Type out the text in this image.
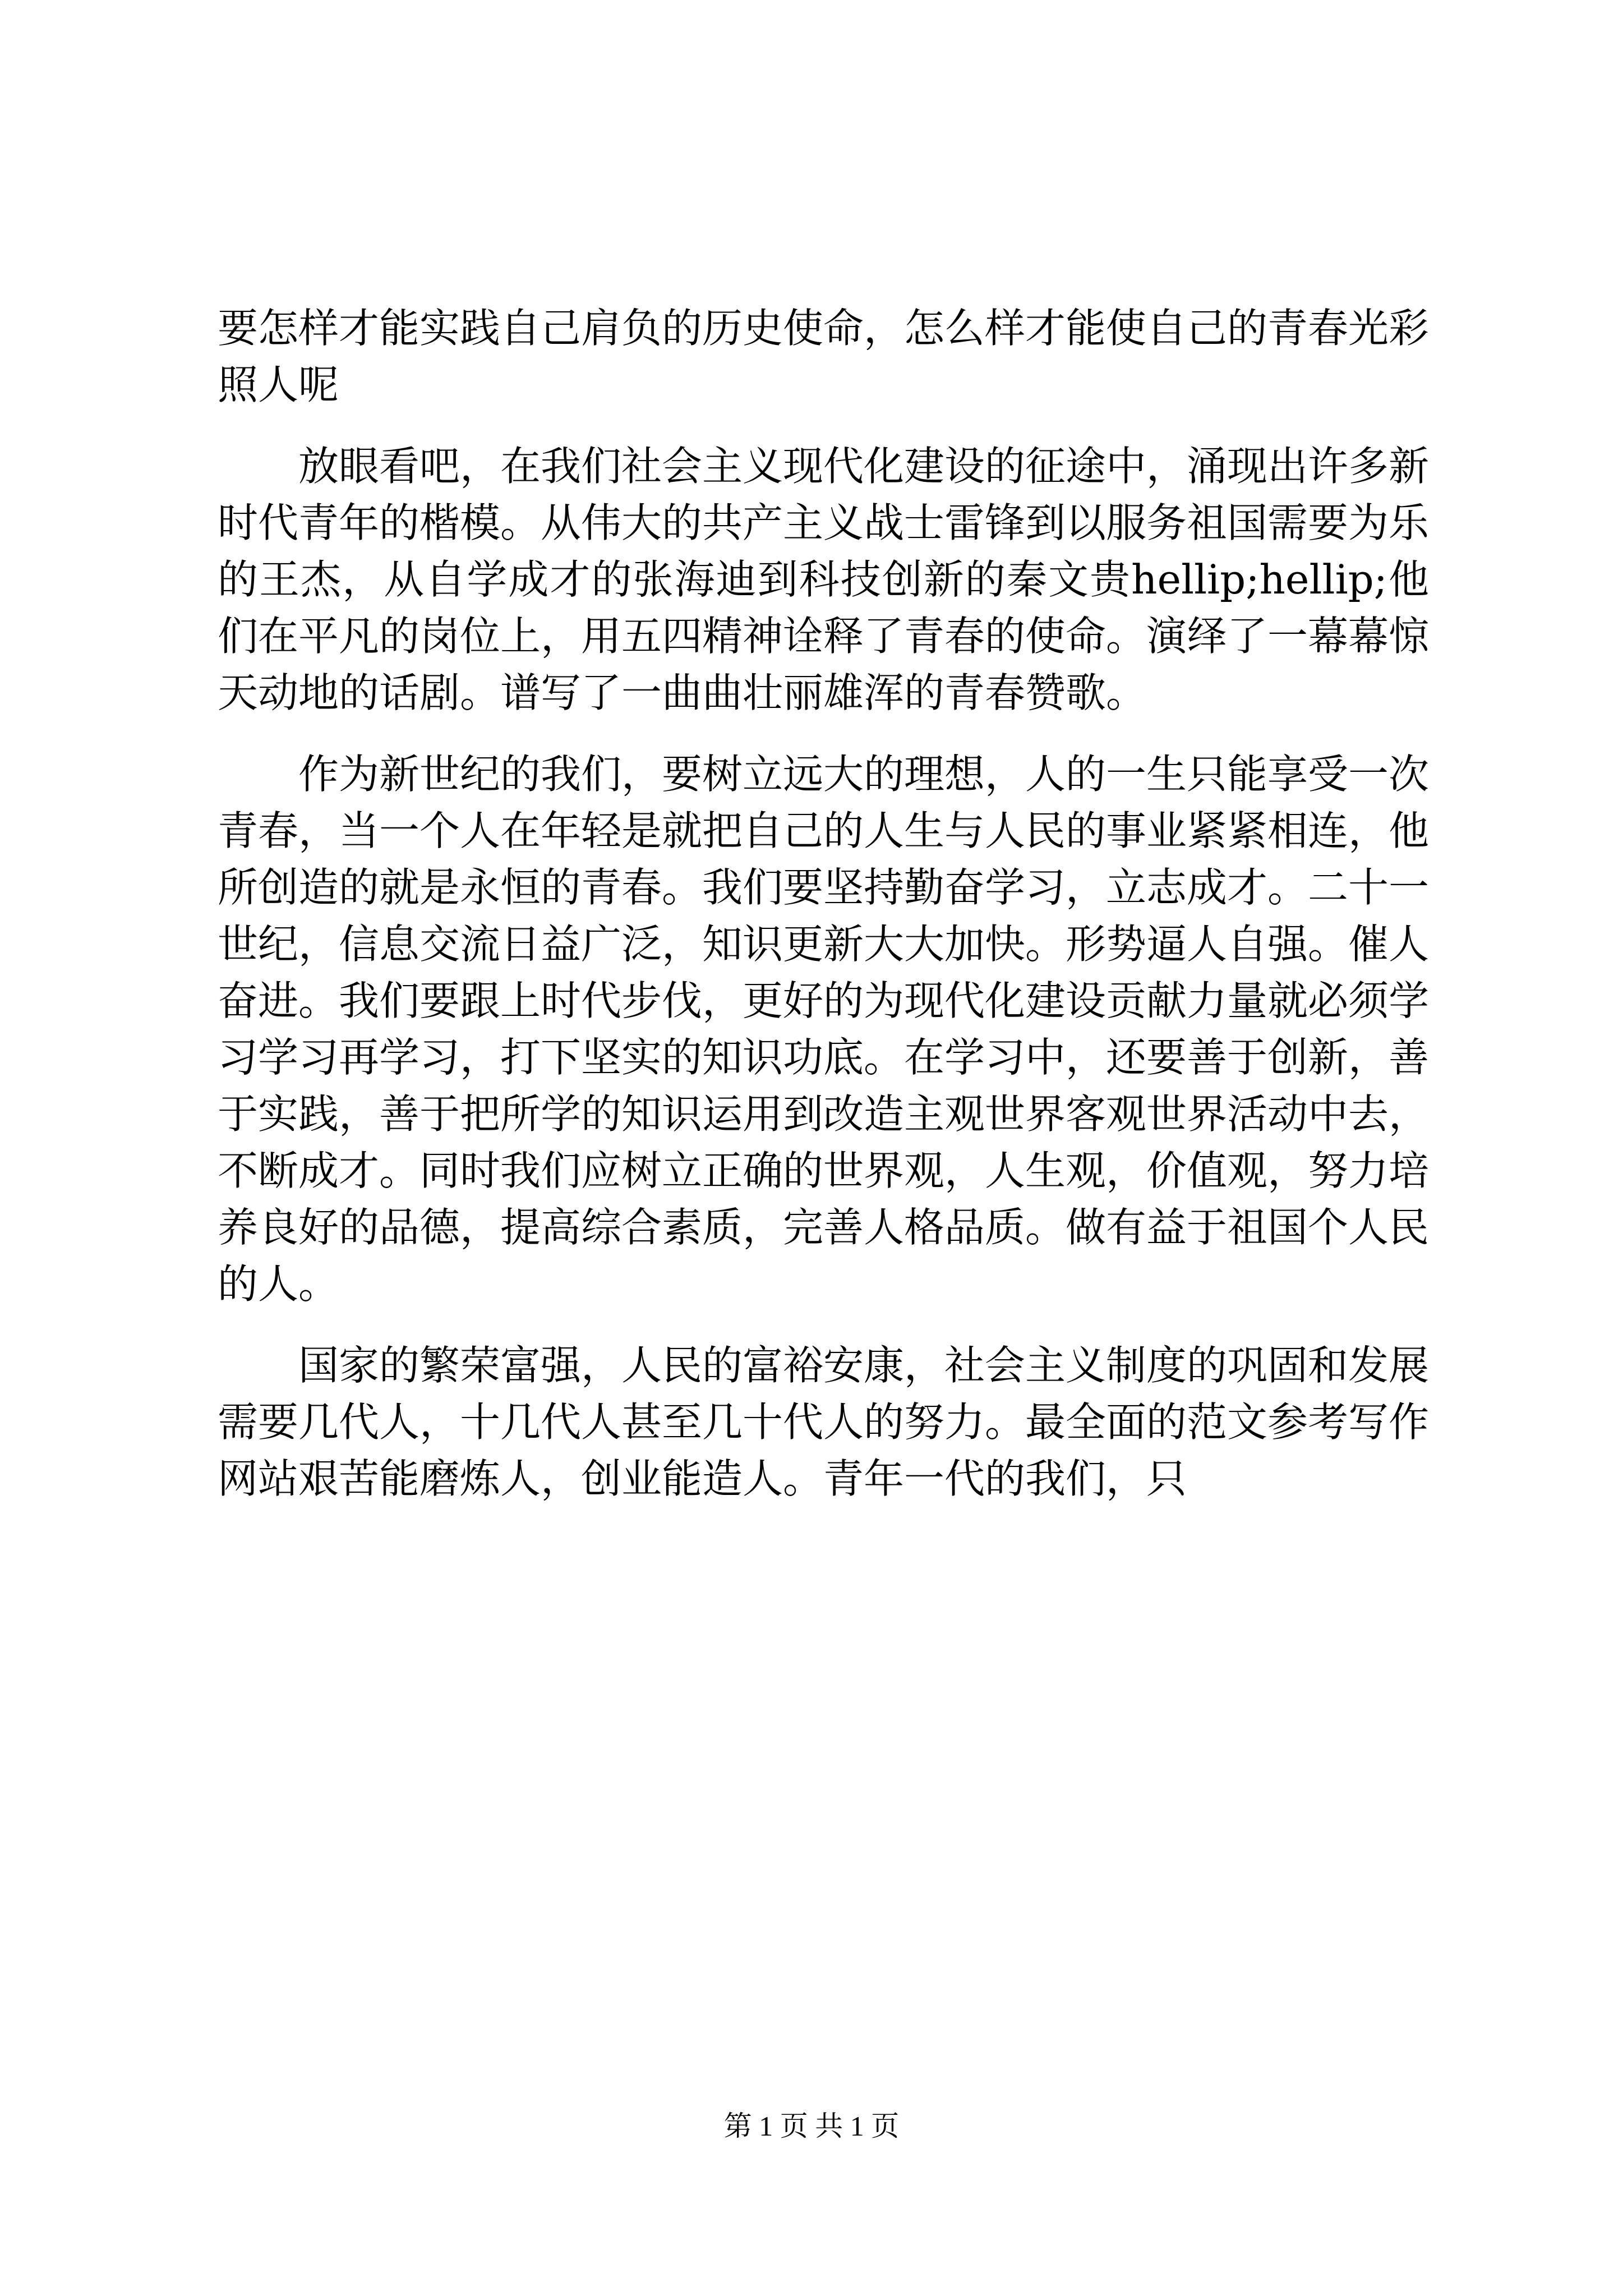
要怎样才能实践自己肩负的历史使命，怎么样才能使自己的青春光彩照人呢

放眼看吧，在我们社会主义现代化建设的征途中，涌现出许多新时代青年的楷模。从伟大的共产主义战士雷锋到以服务祖国需要为乐的王杰，从自学成才的张海迪到科技创新的秦文贵hellip;hellip;他们在平凡的岗位上，用五四精神诠释了青春的使命。演绎了一幕幕惊天动地的话剧。谱写了一曲曲壮丽雄浑的青春赞歌。

作为新世纪的我们，要树立远大的理想，人的一生只能享受一次青春，当一个人在年轻是就把自己的人生与人民的事业紧紧相连，他所创造的就是永恒的青春。我们要坚持勤奋学习，立志成才。二十一世纪，信息交流日益广泛，知识更新大大加快。形势逼人自强。催人奋进。我们要跟上时代步伐，更好的为现代化建设贡献力量就必须学习学习再学习，打下坚实的知识功底。在学习中，还要善于创新，善于实践，善于把所学的知识运用到改造主观世界客观世界活动中去，不断成才。同时我们应树立正确的世界观，人生观，价值观，努力培养良好的品德，提高综合素质，完善人格品质。做有益于祖国个人民的人。

国家的繁荣富强，人民的富裕安康，社会主义制度的巩固和发展需要几代人，十几代人甚至几十代人的努力。最全面的范文参考写作网站艰苦能磨炼人，创业能造人。青年一代的我们，只

第 1 页 共 1 页
